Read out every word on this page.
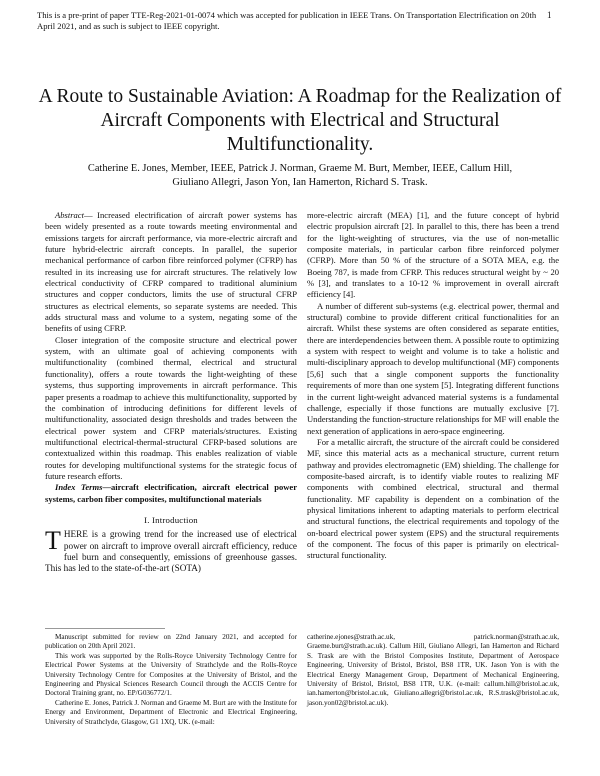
This is a pre-print of paper TTE-Reg-2021-01-0074 which was accepted for publication in IEEE Trans. On Transportation Electrification on 20th April 2021, and as such is subject to IEEE copyright.
1
A Route to Sustainable Aviation: A Roadmap for the Realization of Aircraft Components with Electrical and Structural Multifunctionality.
Catherine E. Jones, Member, IEEE, Patrick J. Norman, Graeme M. Burt, Member, IEEE, Callum Hill,
Giuliano Allegri, Jason Yon, Ian Hamerton, Richard S. Trask.

Abstract— Increased electrification of aircraft power systems has been widely presented as a route towards meeting environmental and emissions targets for aircraft performance, via more-electric aircraft and future hybrid-electric aircraft concepts. In parallel, the superior mechanical performance of carbon fibre reinforced polymer (CFRP) has resulted in its increasing use for aircraft structures. The relatively low electrical conductivity of CFRP compared to traditional aluminium structures and copper conductors, limits the use of structural CFRP structures as electrical elements, so separate systems are needed. This adds structural mass and volume to a system, negating some of the benefits of using CFRP.

Closer integration of the composite structure and electrical power system, with an ultimate goal of achieving components with multifunctionality (combined thermal, electrical and structural functionality), offers a route towards the light-weighting of these systems, thus supporting improvements in aircraft performance. This paper presents a roadmap to achieve this multifunctionality, supported by the combination of introducing definitions for different levels of multifunctionality, associated design thresholds and trades between the electrical power system and CFRP materials/structures. Existing multifunctional electrical-thermal-structural CFRP-based solutions are contextualized within this roadmap. This enables realization of viable routes for developing multifunctional systems for the strategic focus of future research efforts.

Index Terms—aircraft electrification, aircraft electrical power systems, carbon fiber composites, multifunctional materials

I. Introduction

THERE is a growing trend for the increased use of electrical power on aircraft to improve overall aircraft efficiency, reduce fuel burn and consequently, emissions of greenhouse gasses. This has led to the state-of-the-art (SOTA)

more-electric aircraft (MEA) [1], and the future concept of hybrid electric propulsion aircraft [2]. In parallel to this, there has been a trend for the light-weighting of structures, via the use of non-metallic composite materials, in particular carbon fibre reinforced polymer (CFRP). More than 50 % of the structure of a SOTA MEA, e.g. the Boeing 787, is made from CFRP. This reduces structural weight by ~ 20 % [3], and translates to a 10-12 % improvement in overall aircraft efficiency [4].

A number of different sub-systems (e.g. electrical power, thermal and structural) combine to provide different critical functionalities for an aircraft. Whilst these systems are often considered as separate entities, there are interdependencies between them. A possible route to optimizing a system with respect to weight and volume is to take a holistic and multi-disciplinary approach to develop multifunctional (MF) components [5,6] such that a single component supports the functionality requirements of more than one system [5]. Integrating different functions in the current light-weight advanced material systems is a fundamental challenge, especially if those functions are mutually exclusive [7]. Understanding the function-structure relationships for MF will enable the next generation of applications in aero-space engineering.

For a metallic aircraft, the structure of the aircraft could be considered MF, since this material acts as a mechanical structure, current return pathway and provides electromagnetic (EM) shielding. The challenge for composite-based aircraft, is to identify viable routes to realizing MF components with combined electrical, structural and thermal functionality. MF capability is dependent on a combination of the physical limitations inherent to adapting materials to perform electrical and structural functions, the electrical requirements and topology of the on-board electrical power system (EPS) and the structural requirements of the component. The focus of this paper is primarily on electrical-structural functionality.

Manuscript submitted for review on 22nd January 2021, and accepted for publication on 20th April 2021.

This work was supported by the Rolls-Royce University Technology Centre for Electrical Power Systems at the University of Strathclyde and the Rolls-Royce University Technology Centre for Composites at the University of Bristol, and the Engineering and Physical Sciences Research Council through the ACCIS Centre for Doctoral Training grant, no. EP/G036772/1.

Catherine E. Jones, Patrick J. Norman and Graeme M. Burt are with the Institute for Energy and Environment, Department of Electronic and Electrical Engineering, University of Strathclyde, Glasgow, G1 1XQ, UK. (e-mail:

catherine.ejones@strath.ac.uk, patrick.norman@strath.ac.uk, Graeme.burt@strath.ac.uk). Callum Hill, Giuliano Allegri, Ian Hamerton and Richard S. Trask are with the Bristol Composites Institute, Department of Aerospace Engineering, University of Bristol, Bristol, BS8 1TR, UK. Jason Yon is with the Electrical Energy Management Group, Department of Mechanical Engineering, University of Bristol, Bristol, BS8 1TR, U.K. (e-mail: callum.hill@bristol.ac.uk, ian.hamerton@bristol.ac.uk, Giuliano.allegri@bristol.ac.uk, R.S.trask@bristol.ac.uk, jason.yon02@bristol.ac.uk).
